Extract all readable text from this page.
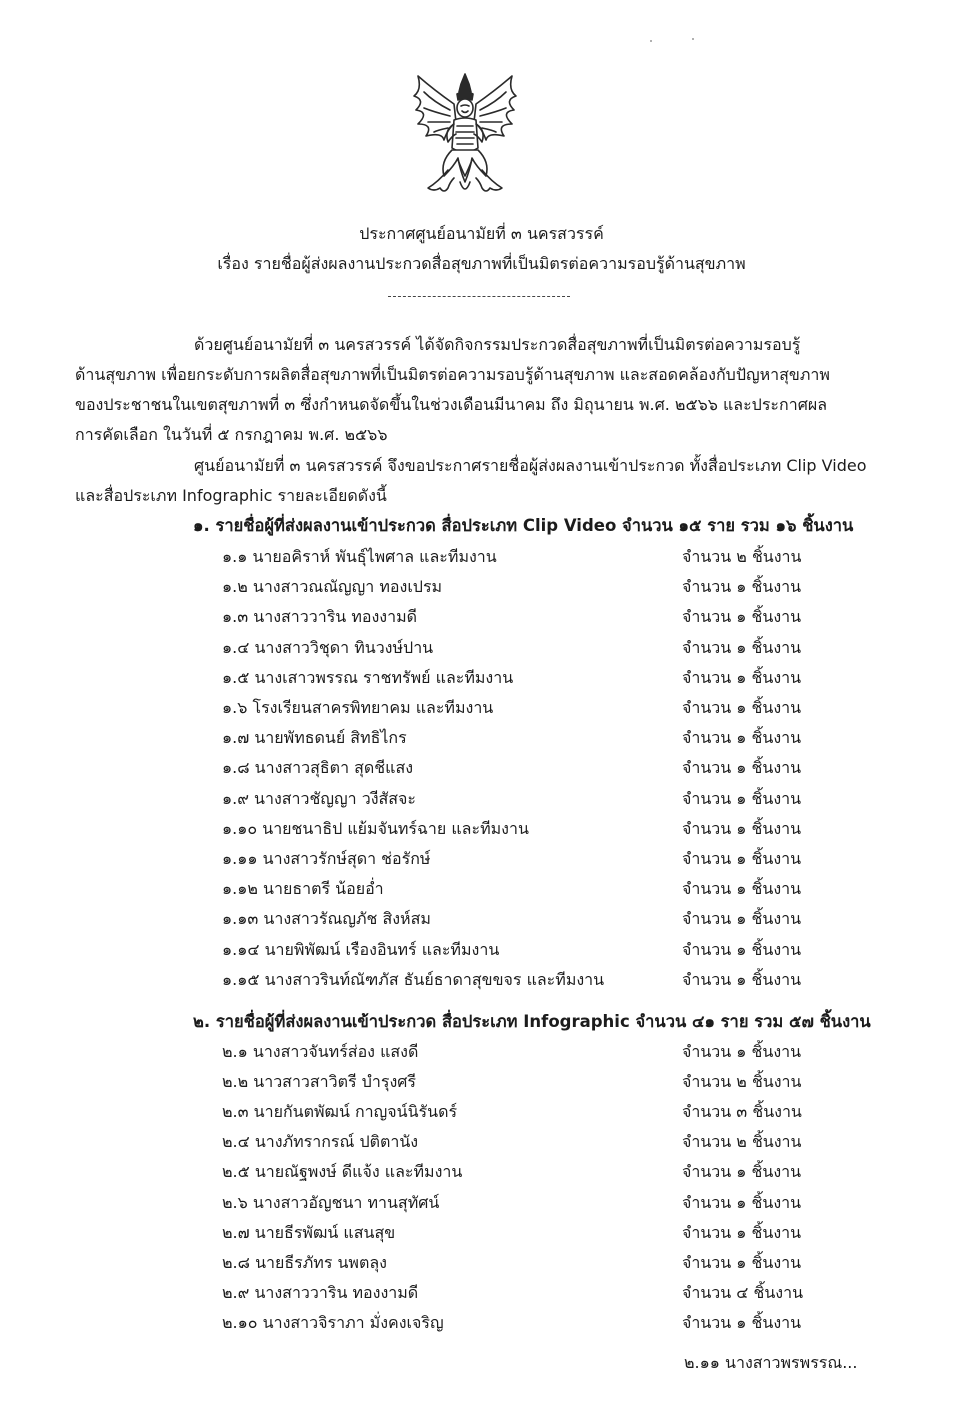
ประกาศศูนย์อนามัยที่ ๓ นครสวรรค์
เรื่อง รายชื่อผู้ส่งผลงานประกวดสื่อสุขภาพที่เป็นมิตรต่อความรอบรู้ด้านสุขภาพ
ด้วยศูนย์อนามัยที่ ๓ นครสวรรค์ ได้จัดกิจกรรมประกวดสื่อสุขภาพที่เป็นมิตรต่อความรอบรู้
ด้านสุขภาพ เพื่อยกระดับการผลิตสื่อสุขภาพที่เป็นมิตรต่อความรอบรู้ด้านสุขภาพ และสอดคล้องกับปัญหาสุขภาพ
ของประชาชนในเขตสุขภาพที่ ๓ ซึ่งกำหนดจัดขึ้นในช่วงเดือนมีนาคม ถึง มิถุนายน พ.ศ. ๒๕๖๖ และประกาศผล
การคัดเลือก ในวันที่ ๕ กรกฎาคม พ.ศ. ๒๕๖๖
ศูนย์อนามัยที่ ๓ นครสวรรค์ จึงขอประกาศรายชื่อผู้ส่งผลงานเข้าประกวด ทั้งสื่อประเภท Clip Video
และสื่อประเภท Infographic รายละเอียดดังนี้
๑. รายชื่อผู้ที่ส่งผลงานเข้าประกวด สื่อประเภท Clip Video จำนวน ๑๕ ราย รวม ๑๖ ชิ้นงาน
๑.๑ นายอคิราห์ พันธุ์ไพศาล และทีมงาน	จำนวน ๒ ชิ้นงาน
๑.๒ นางสาวณณัญญา ทองเปรม	จำนวน ๑ ชิ้นงาน
๑.๓ นางสาววาริน ทองงามดี	จำนวน ๑ ชิ้นงาน
๑.๔ นางสาววิชุดา ทินวงษ์ปาน	จำนวน ๑ ชิ้นงาน
๑.๕ นางเสาวพรรณ ราชทรัพย์ และทีมงาน	จำนวน ๑ ชิ้นงาน
๑.๖ โรงเรียนสาครพิทยาคม และทีมงาน	จำนวน ๑ ชิ้นงาน
๑.๗ นายพัทธดนย์ สิทธิไกร	จำนวน ๑ ชิ้นงาน
๑.๘ นางสาวสุธิตา สุดชีแสง	จำนวน ๑ ชิ้นงาน
๑.๙ นางสาวชัญญา วงีสัสจะ	จำนวน ๑ ชิ้นงาน
๑.๑๐ นายชนาธิป แย้มจันทร์ฉาย และทีมงาน	จำนวน ๑ ชิ้นงาน
๑.๑๑ นางสาวรักษ์สุดา ช่อรักษ์	จำนวน ๑ ชิ้นงาน
๑.๑๒ นายธาตรี น้อยอ่ำ	จำนวน ๑ ชิ้นงาน
๑.๑๓ นางสาวรัณญภัช สิงห์สม	จำนวน ๑ ชิ้นงาน
๑.๑๔ นายพิพัฒน์ เรืองอินทร์ และทีมงาน	จำนวน ๑ ชิ้นงาน
๑.๑๕ นางสาวรินท์ณัฑภัส ธันย์ธาดาสุขขจร และทีมงาน	จำนวน ๑ ชิ้นงาน
๒. รายชื่อผู้ที่ส่งผลงานเข้าประกวด สื่อประเภท Infographic จำนวน ๔๑ ราย รวม ๕๗ ชิ้นงาน
๒.๑ นางสาวจันทร์ส่อง แสงดี	จำนวน ๑ ชิ้นงาน
๒.๒ นาวสาวสาวิตรี บำรุงศรี	จำนวน ๒ ชิ้นงาน
๒.๓ นายกันตพัฒน์ กาญจน์นิรันดร์	จำนวน ๓ ชิ้นงาน
๒.๔ นางภัทรากรณ์ ปติตานัง	จำนวน ๒ ชิ้นงาน
๒.๕ นายณัฐพงษ์ ดีแจ้ง และทีมงาน	จำนวน ๑ ชิ้นงาน
๒.๖ นางสาวอัญชนา ทานสุทัศน์	จำนวน ๑ ชิ้นงาน
๒.๗ นายธีรพัฒน์ แสนสุข	จำนวน ๑ ชิ้นงาน
๒.๘ นายธีรภัทร นพตลุง	จำนวน ๑ ชิ้นงาน
๒.๙ นางสาววาริน ทองงามดี	จำนวน ๔ ชิ้นงาน
๒.๑๐ นางสาวจิราภา มั่งคงเจริญ	จำนวน ๑ ชิ้นงาน
๒.๑๑ นางสาวพรพรรณ...
